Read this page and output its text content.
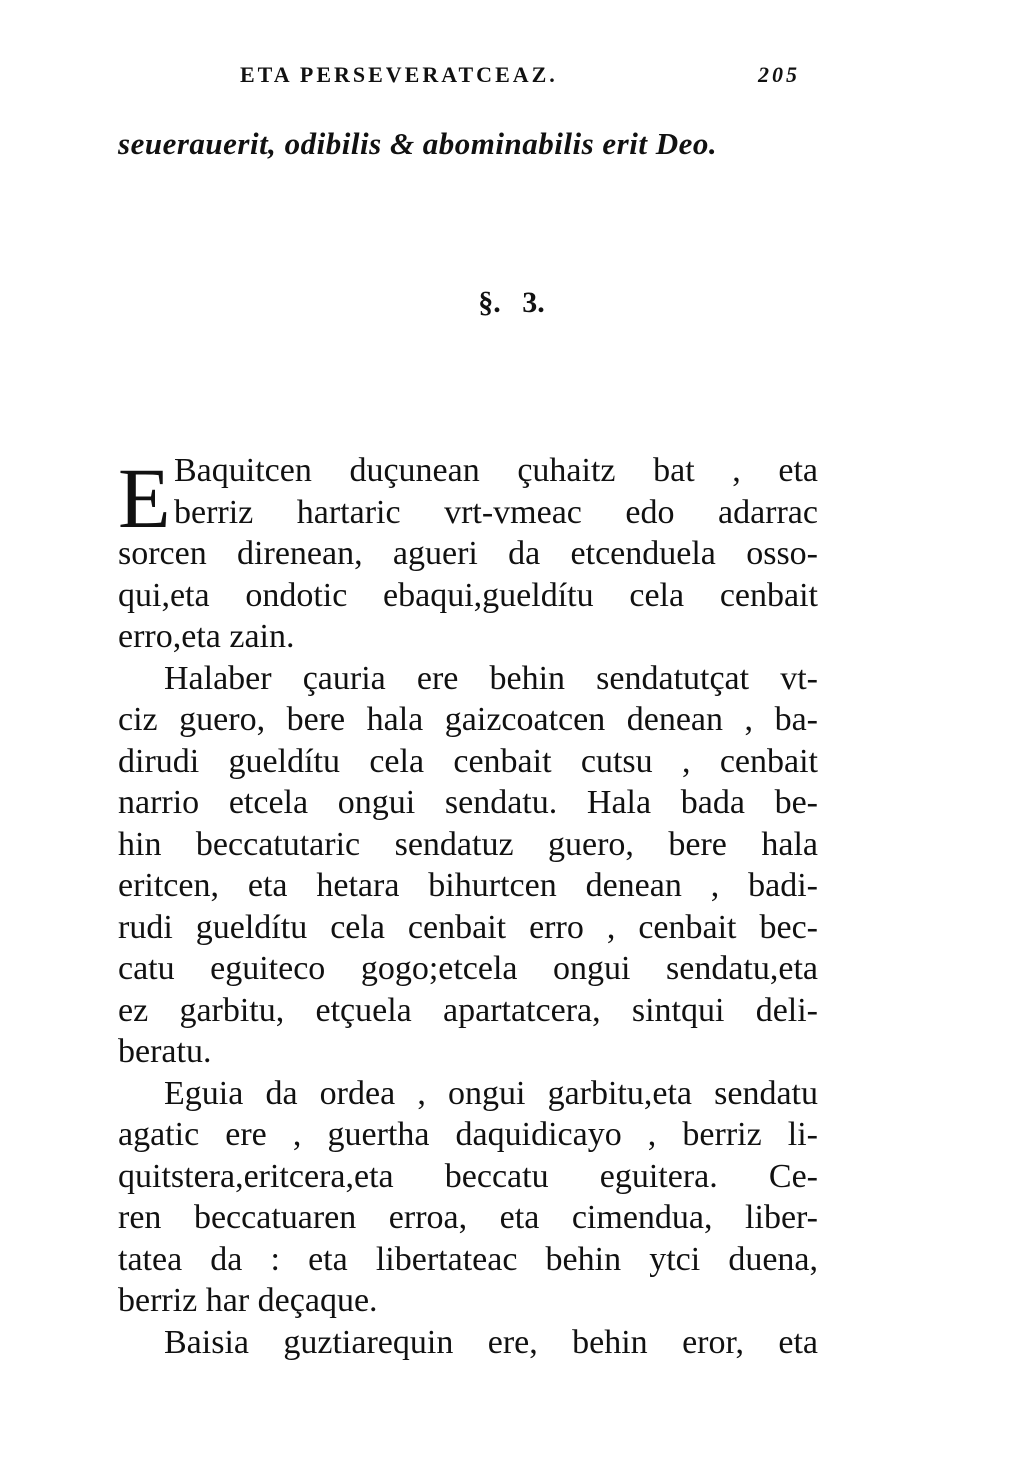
ETA PERSEVERATCEAZ.	205
seuerauerit, odibilis & abominabilis erit Deo.
§. 3.
E Baquitcen duçunean çuhaitz bat , eta
berriz hartaric vrt-vmeac edo adarrac
sorcen direnean, agueri da etcenduela osso-
qui,eta ondotic ebaqui,gueldítu cela cenbait
erro,eta zain.
Halaber çauria ere behin sendatutçat vt-
ciz guero, bere hala gaizcoatcen denean , ba-
dirudi gueldítu cela cenbait cutsu , cenbait
narrio etcela ongui sendatu. Hala bada be-
hin beccatutaric sendatuz guero, bere hala
eritcen, eta hetara bihurtcen denean , badi-
rudi gueldítu cela cenbait erro , cenbait bec-
catu eguiteco gogo;etcela ongui sendatu,eta
ez garbitu, etçuela apartatcera, sintqui deli-
beratu.
Eguia da ordea , ongui garbitu,eta sendatu
agatic ere , guertha daquidicayo , berriz li-
quitstera,eritcera,eta beccatu eguitera. Ce-
ren beccatuaren erroa, eta cimendua, liber-
tatea da : eta libertateac behin ytci duena,
berriz har deçaque.
Baisia guztiarequin ere, behin eror, eta
